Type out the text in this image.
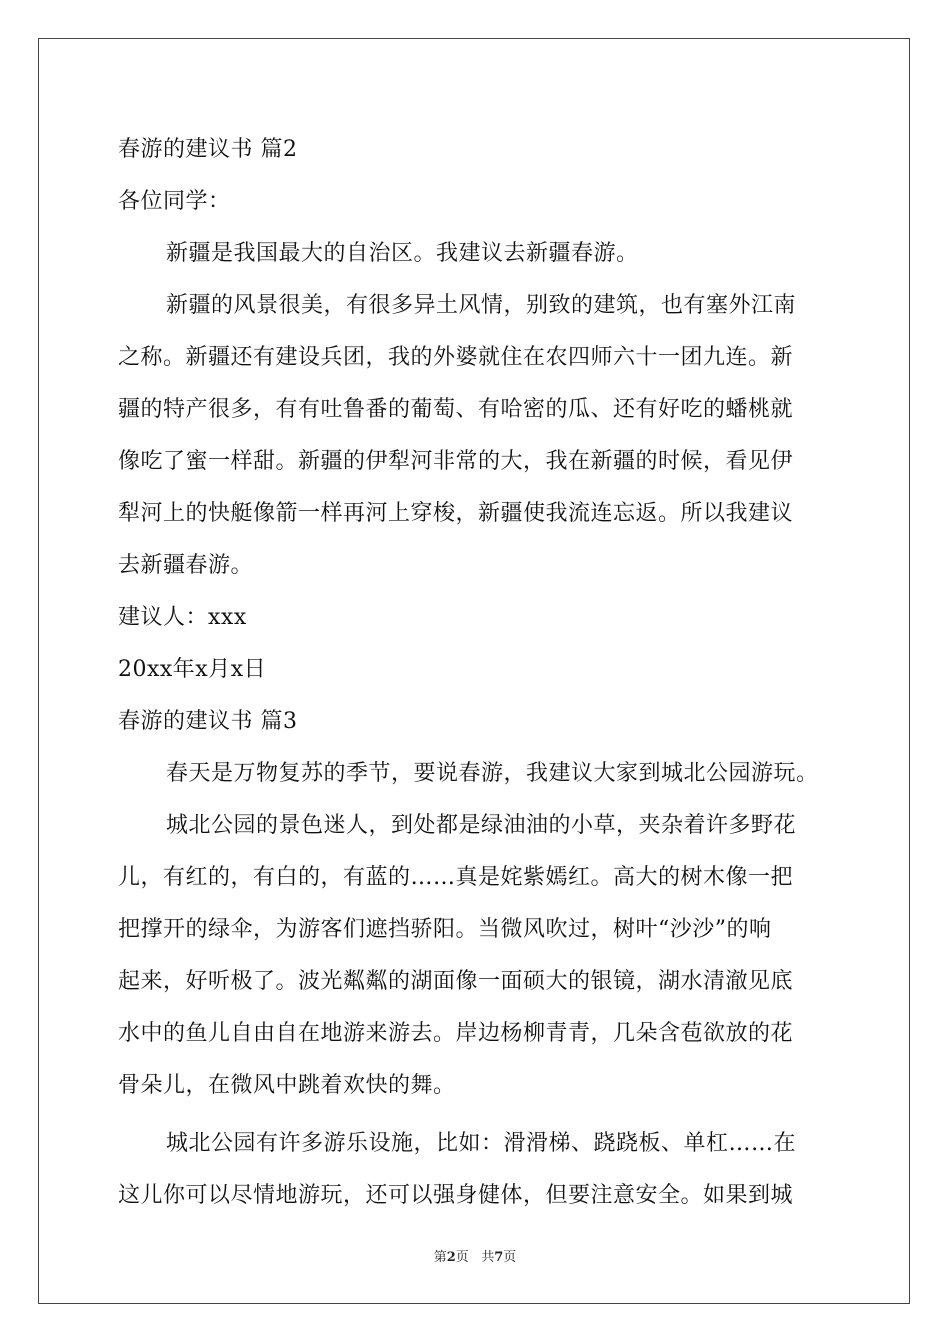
春游的建议书 篇2
各位同学：
新疆是我国最大的自治区。我建议去新疆春游。
新疆的风景很美，有很多异土风情，别致的建筑，也有塞外江南
之称。新疆还有建设兵团，我的外婆就住在农四师六十一团九连。新
疆的特产很多，有有吐鲁番的葡萄、有哈密的瓜、还有好吃的蟠桃就
像吃了蜜一样甜。新疆的伊犁河非常的大，我在新疆的时候，看见伊
犁河上的快艇像箭一样再河上穿梭，新疆使我流连忘返。所以我建议
去新疆春游。
建议人：xxx
20xx年x月x日
春游的建议书 篇3
春天是万物复苏的季节，要说春游，我建议大家到城北公园游玩。
城北公园的景色迷人，到处都是绿油油的小草，夹杂着许多野花
儿，有红的，有白的，有蓝的……真是姹紫嫣红。高大的树木像一把
把撑开的绿伞，为游客们遮挡骄阳。当微风吹过，树叶“沙沙”的响
起来，好听极了。波光粼粼的湖面像一面硕大的银镜，湖水清澈见底
水中的鱼儿自由自在地游来游去。岸边杨柳青青，几朵含苞欲放的花
骨朵儿，在微风中跳着欢快的舞。
城北公园有许多游乐设施，比如：滑滑梯、跷跷板、单杠……在
这儿你可以尽情地游玩，还可以强身健体，但要注意安全。如果到城
第2页   共7页
